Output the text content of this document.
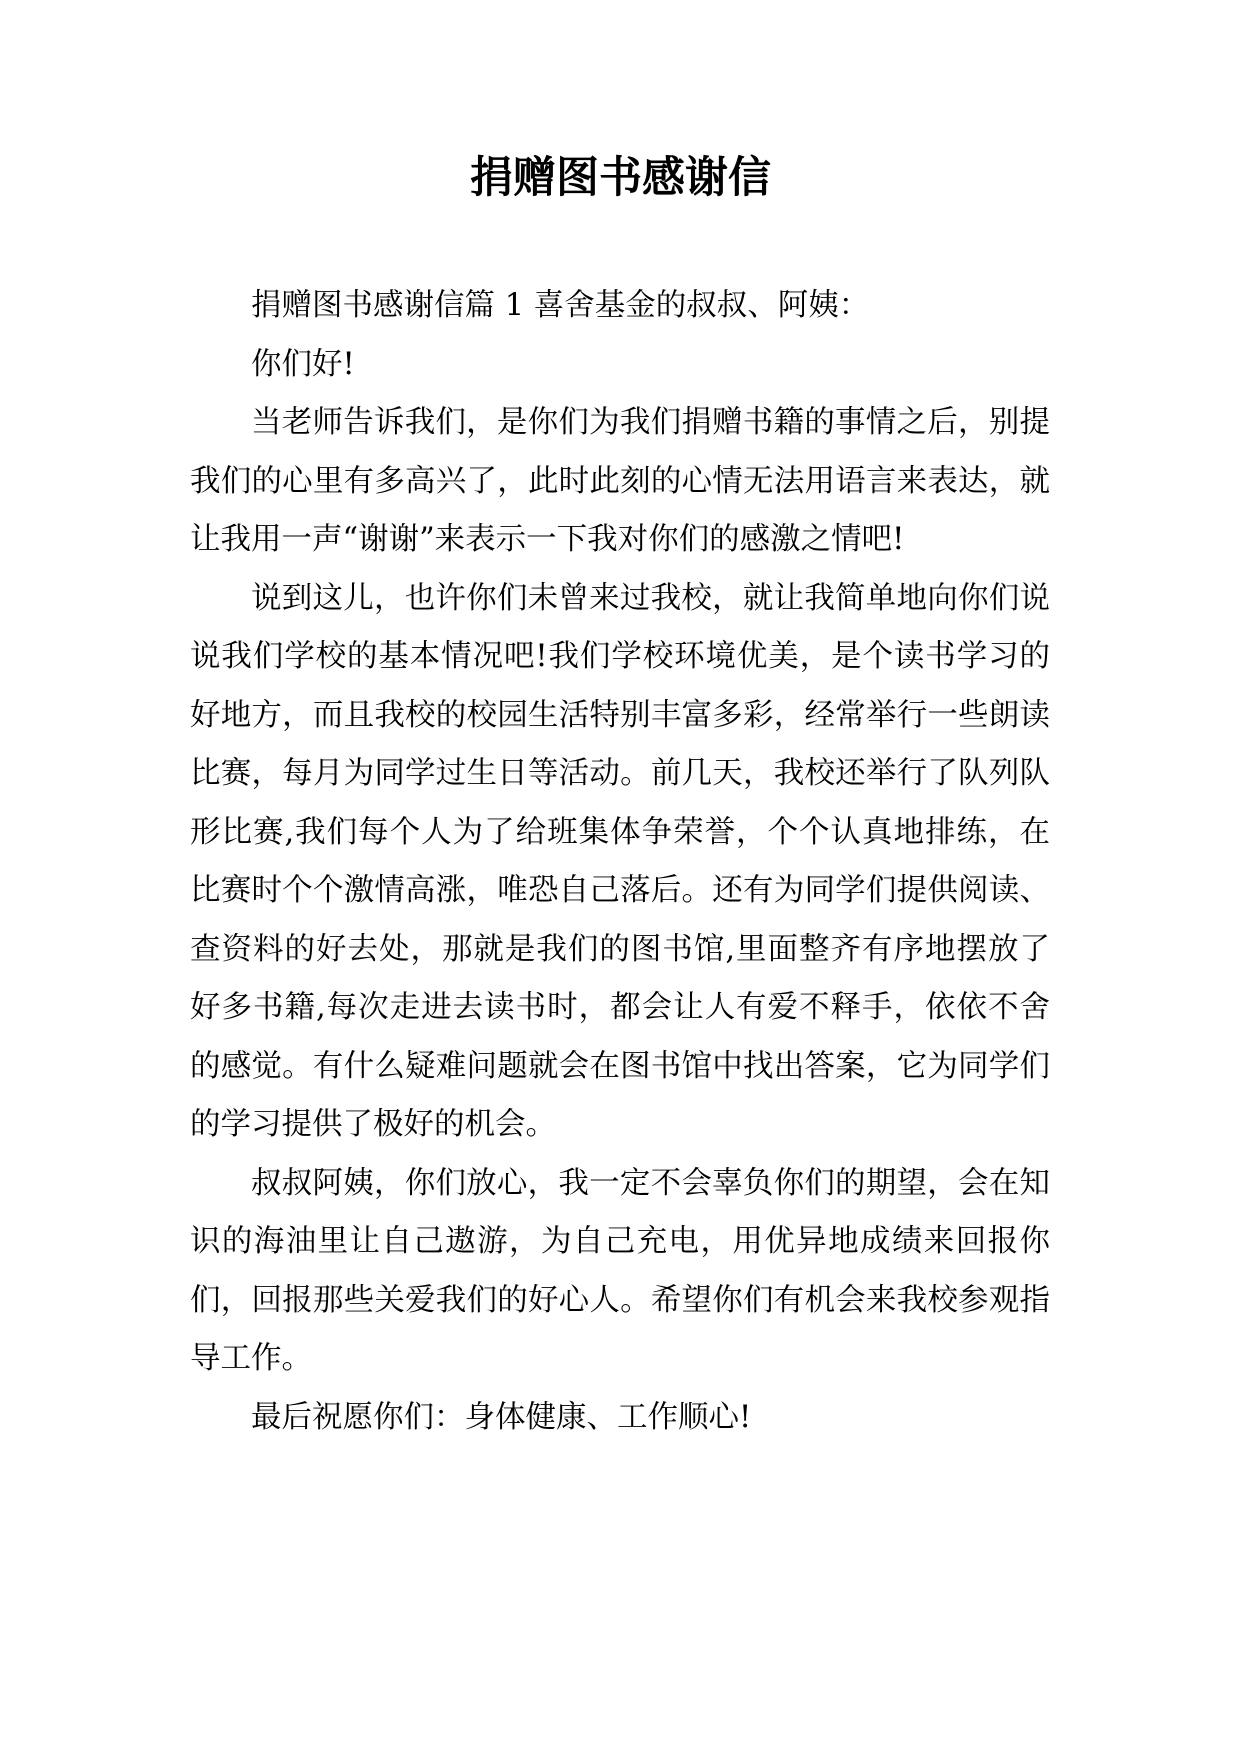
捐赠图书感谢信

捐赠图书感谢信篇 1 喜舍基金的叔叔、阿姨：

你们好!

当老师告诉我们，是你们为我们捐赠书籍的事情之后，别提我们的心里有多高兴了，此时此刻的心情无法用语言来表达，就让我用一声“谢谢”来表示一下我对你们的感激之情吧!

说到这儿，也许你们未曾来过我校，就让我简单地向你们说说我们学校的基本情况吧!我们学校环境优美，是个读书学习的好地方，而且我校的校园生活特别丰富多彩，经常举行一些朗读比赛，每月为同学过生日等活动。前几天，我校还举行了队列队形比赛,我们每个人为了给班集体争荣誉，个个认真地排练，在比赛时个个激情高涨，唯恐自己落后。还有为同学们提供阅读、查资料的好去处，那就是我们的图书馆,里面整齐有序地摆放了好多书籍,每次走进去读书时，都会让人有爱不释手，依依不舍的感觉。有什么疑难问题就会在图书馆中找出答案，它为同学们的学习提供了极好的机会。

叔叔阿姨，你们放心，我一定不会辜负你们的期望，会在知识的海油里让自己遨游，为自己充电，用优异地成绩来回报你们，回报那些关爱我们的好心人。希望你们有机会来我校参观指导工作。

最后祝愿你们：身体健康、工作顺心!
